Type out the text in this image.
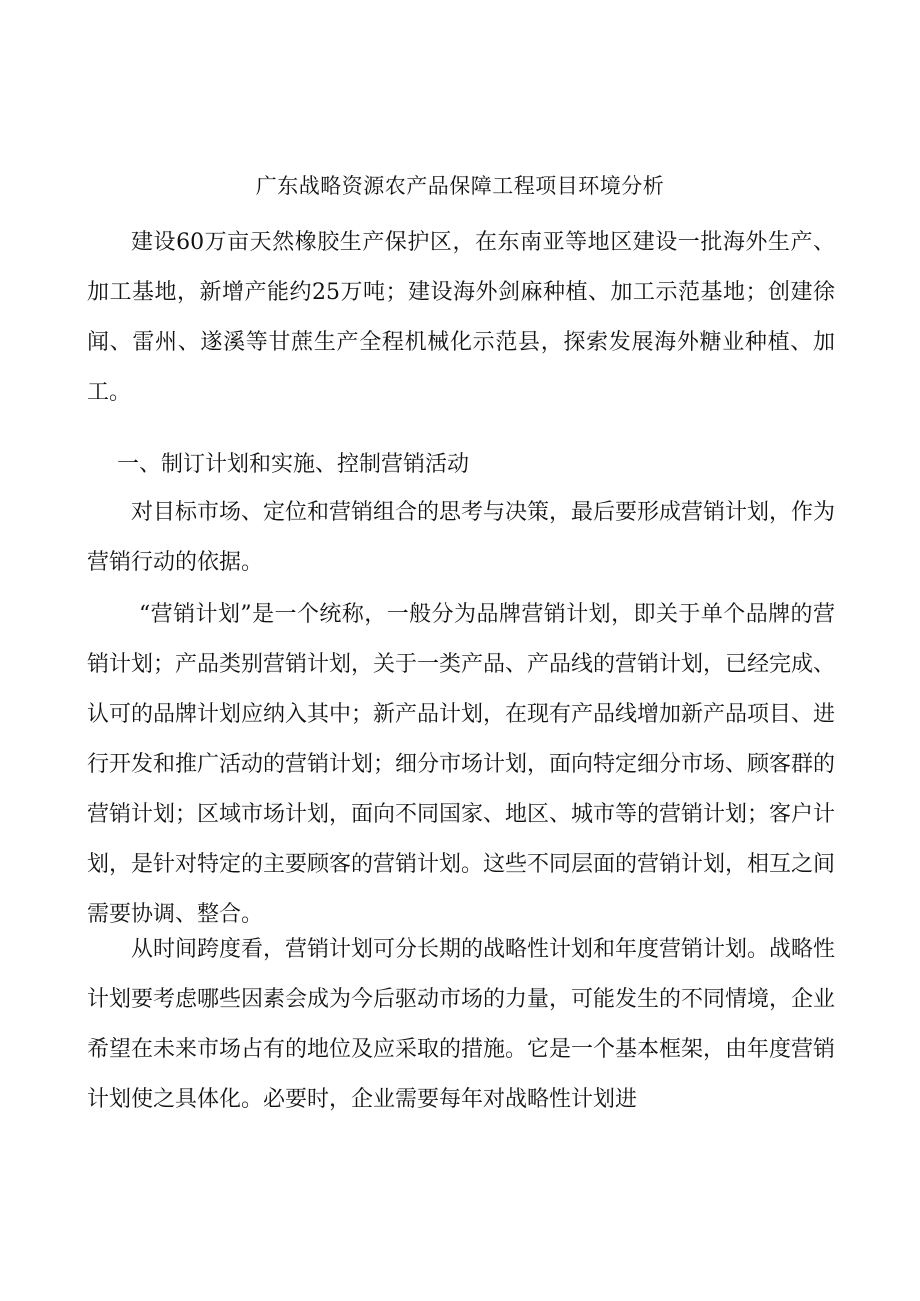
广东战略资源农产品保障工程项目环境分析

建设60万亩天然橡胶生产保护区，在东南亚等地区建设一批海外生产、加工基地，新增产能约25万吨；建设海外剑麻种植、加工示范基地；创建徐闻、雷州、遂溪等甘蔗生产全程机械化示范县，探索发展海外糖业种植、加工。

一、制订计划和实施、控制营销活动

对目标市场、定位和营销组合的思考与决策，最后要形成营销计划，作为营销行动的依据。

“营销计划”是一个统称，一般分为品牌营销计划，即关于单个品牌的营销计划；产品类别营销计划，关于一类产品、产品线的营销计划，已经完成、认可的品牌计划应纳入其中；新产品计划，在现有产品线增加新产品项目、进行开发和推广活动的营销计划；细分市场计划，面向特定细分市场、顾客群的营销计划；区域市场计划，面向不同国家、地区、城市等的营销计划；客户计划，是针对特定的主要顾客的营销计划。这些不同层面的营销计划，相互之间需要协调、整合。

从时间跨度看，营销计划可分长期的战略性计划和年度营销计划。战略性计划要考虑哪些因素会成为今后驱动市场的力量，可能发生的不同情境，企业希望在未来市场占有的地位及应采取的措施。它是一个基本框架，由年度营销计划使之具体化。必要时，企业需要每年对战略性计划进
